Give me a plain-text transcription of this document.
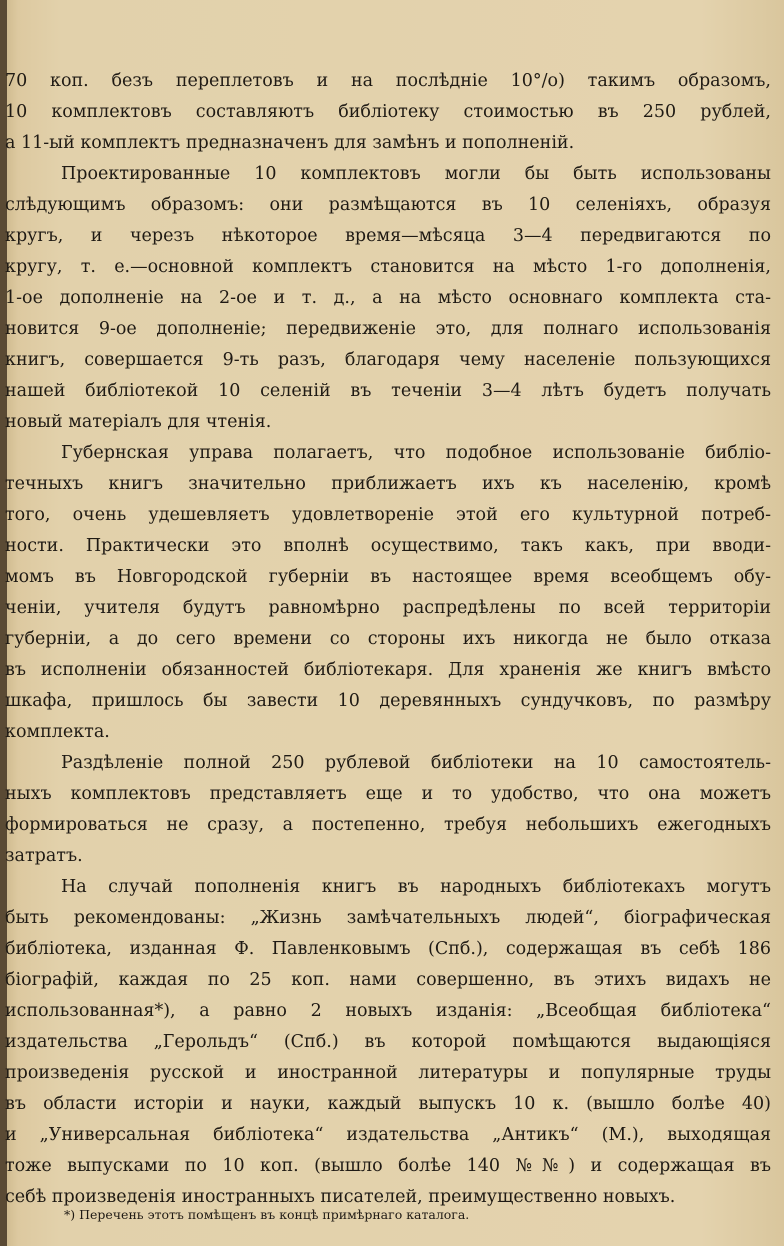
70 коп. безъ переплетовъ и на послѣдніе 10°/о) такимъ образомъ,
10 комплектовъ составляютъ библіотеку стоимостью въ 250 рублей,
а 11-ый комплектъ предназначенъ для замѣнъ и пополненій.
Проектированные 10 комплектовъ могли бы быть использованы
слѣдующимъ образомъ: они размѣщаются въ 10 селеніяхъ, образуя
кругъ, и черезъ нѣкоторое время—мѣсяца 3—4 передвигаются по
кругу, т. е.—основной комплектъ становится на мѣсто 1-го дополненія,
1-ое дополненіе на 2-ое и т. д., а на мѣсто основнаго комплекта ста-
новится 9-ое дополненіе; передвиженіе это, для полнаго использованія
книгъ, совершается 9-ть разъ, благодаря чему населеніе пользующихся
нашей библіотекой 10 селеній въ теченіи 3—4 лѣтъ будетъ получать
новый матеріалъ для чтенія.
Губернская управа полагаетъ, что подобное использованіе библіо-
течныхъ книгъ значительно приближаетъ ихъ къ населенію, кромѣ
того, очень удешевляетъ удовлетвореніе этой его культурной потреб-
ности. Практически это вполнѣ осуществимо, такъ какъ, при вводи-
момъ въ Новгородской губерніи въ настоящее время всеобщемъ обу-
ченіи, учителя будутъ равномѣрно распредѣлены по всей территоріи
губерніи, а до сего времени со стороны ихъ никогда не было отказа
въ исполненіи обязанностей библіотекаря. Для храненія же книгъ вмѣсто
шкафа, пришлось бы завести 10 деревянныхъ сундучковъ, по размѣру
комплекта.
Раздѣленіе полной 250 рублевой библіотеки на 10 самостоятель-
ныхъ комплектовъ представляетъ еще и то удобство, что она можетъ
формироваться не сразу, а постепенно, требуя небольшихъ ежегодныхъ
затратъ.
На случай пополненія книгъ въ народныхъ библіотекахъ могутъ
быть рекомендованы: „Жизнь замѣчательныхъ людей“, біографическая
библіотека, изданная Ф. Павленковымъ (Спб.), содержащая въ себѣ 186
біографій, каждая по 25 коп. нами совершенно, въ этихъ видахъ не
использованная*), а равно 2 новыхъ изданія: „Всеобщая библіотека“
издательства „Герольдъ“ (Спб.) въ которой помѣщаются выдающіяся
произведенія русской и иностранной литературы и популярные труды
въ области исторіи и науки, каждый выпускъ 10 к. (вышло болѣе 40)
и „Универсальная библіотека“ издательства „Антикъ“ (М.), выходящая
тоже выпусками по 10 коп. (вышло болѣе 140 №№) и содержащая въ
себѣ произведенія иностранныхъ писателей, преимущественно новыхъ.
*) Перечень этотъ помѣщенъ въ концѣ примѣрнаго каталога.
